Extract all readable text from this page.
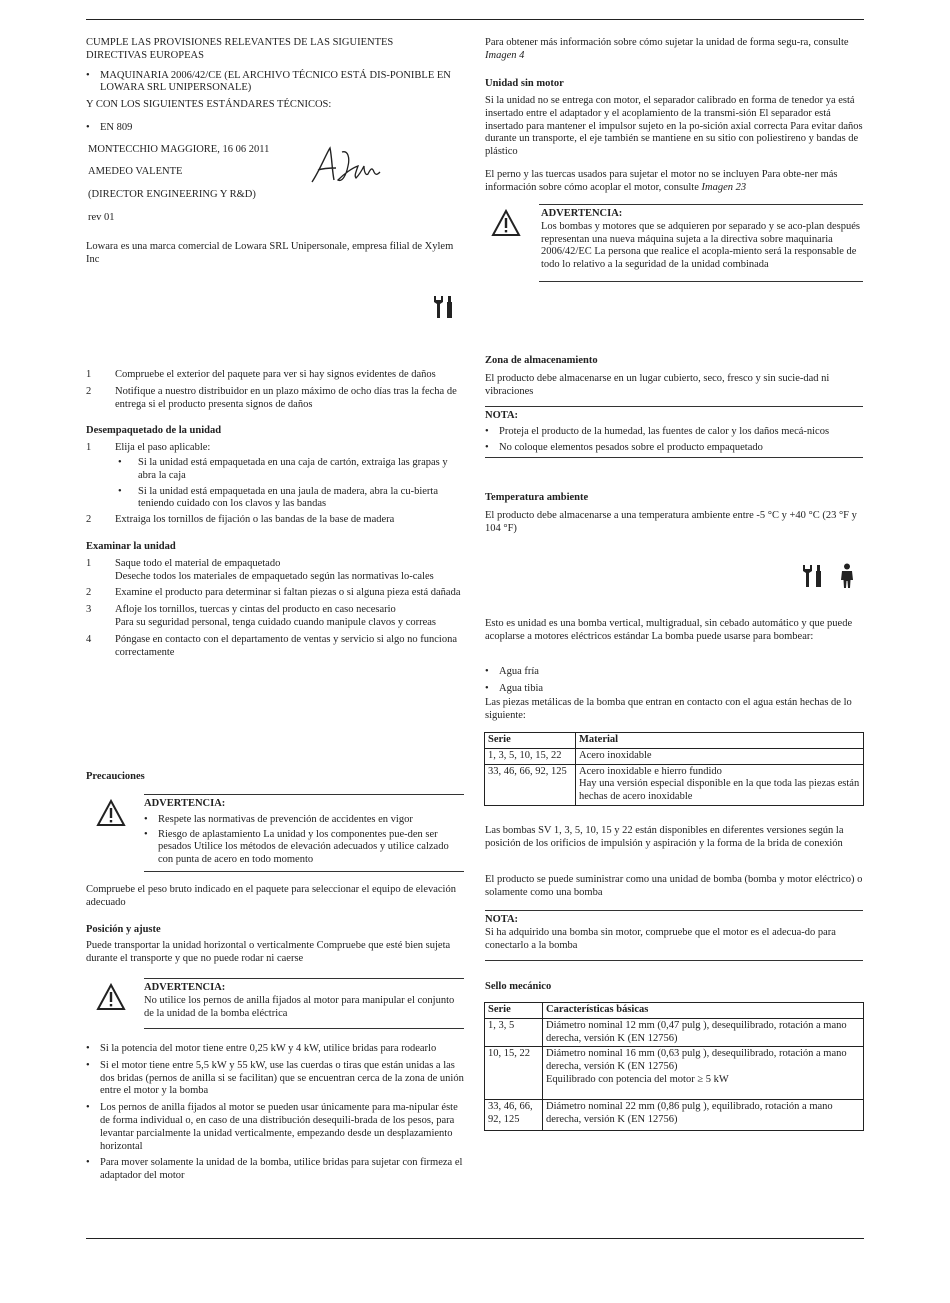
CUMPLE LAS PROVISIONES RELEVANTES DE LAS SIGUIENTES DIRECTIVAS EUROPEAS

• MAQUINARIA 2006/42/CE (EL ARCHIVO TÉCNICO ESTÁ DIS-PONIBLE EN LOWARA SRL UNIPERSONALE)

Y CON LOS SIGUIENTES ESTÁNDARES TÉCNICOS:

• EN 809

MONTECCHIO MAGGIORE, 16 06 2011

AMEDEO VALENTE

(DIRECTOR ENGINEERING Y R&D)

rev 01

Lowara es una marca comercial de Lowara SRL Unipersonale, empresa filial de Xylem Inc

1 Compruebe el exterior del paquete para ver si hay signos evidentes de daños
2 Notifique a nuestro distribuidor en un plazo máximo de ocho días tras la fecha de entrega si el producto presenta signos de daños

Desempaquetado de la unidad

1 Elija el paso aplicable:
• Si la unidad está empaquetada en una caja de cartón, extraiga las grapas y abra la caja
• Si la unidad está empaquetada en una jaula de madera, abra la cu-bierta teniendo cuidado con los clavos y las bandas
2 Extraiga los tornillos de fijación o las bandas de la base de madera

Examinar la unidad

1 Saque todo el material de empaquetado
Deseche todos los materiales de empaquetado según las normativas lo-cales
2 Examine el producto para determinar si faltan piezas o si alguna pieza está dañada
3 Afloje los tornillos, tuercas y cintas del producto en caso necesario
Para su seguridad personal, tenga cuidado cuando manipule clavos y correas
4 Póngase en contacto con el departamento de ventas y servicio si algo no funciona correctamente

Precauciones

ADVERTENCIA:

• Respete las normativas de prevención de accidentes en vigor

• Riesgo de aplastamiento La unidad y los componentes pue-den ser pesados Utilice los métodos de elevación adecuados y utilice calzado con punta de acero en todo momento

Compruebe el peso bruto indicado en el paquete para seleccionar el equipo de elevación adecuado

Posición y ajuste

Puede transportar la unidad horizontal o verticalmente Compruebe que esté bien sujeta durante el transporte y que no puede rodar ni caerse

ADVERTENCIA:

No utilice los pernos de anilla fijados al motor para manipular el conjunto de la unidad de la bomba eléctrica

• Si la potencia del motor tiene entre 0,25 kW y 4 kW, utilice bridas para rodearlo

• Si el motor tiene entre 5,5 kW y 55 kW, use las cuerdas o tiras que están unidas a las dos bridas (pernos de anilla si se facilitan) que se encuentran cerca de la zona de unión entre el motor y la bomba

• Los pernos de anilla fijados al motor se pueden usar únicamente para ma-nipular éste de forma individual o, en caso de una distribución desequili-brada de los pesos, para levantar parcialmente la unidad verticalmente, empezando desde un desplazamiento horizontal

• Para mover solamente la unidad de la bomba, utilice bridas para sujetar con firmeza el adaptador del motor

Para obtener más información sobre cómo sujetar la unidad de forma segu-ra, consulte Imagen 4

Unidad sin motor

Si la unidad no se entrega con motor, el separador calibrado en forma de tenedor ya está insertado entre el adaptador y el acoplamiento de la transmi-sión El separador está insertado para mantener el impulsor sujeto en la po-sición axial correcta Para evitar daños durante un transporte, el eje también se mantiene en su sitio con poliestireno y bandas de plástico

El perno y las tuercas usados para sujetar el motor no se incluyen Para obte-ner más información sobre cómo acoplar el motor, consulte Imagen 23

ADVERTENCIA:

Los bombas y motores que se adquieren por separado y se aco-plan después representan una nueva máquina sujeta a la directiva sobre maquinaria 2006/42/EC La persona que realice el acopla-miento será la responsable de todo lo relativo a la seguridad de la unidad combinada

Zona de almacenamiento

El producto debe almacenarse en un lugar cubierto, seco, fresco y sin sucie-dad ni vibraciones

NOTA:

• Proteja el producto de la humedad, las fuentes de calor y los daños mecá-nicos

• No coloque elementos pesados sobre el producto empaquetado

Temperatura ambiente

El producto debe almacenarse a una temperatura ambiente entre -5 °C y +40 °C (23 °F y 104 °F)

Esto es unidad es una bomba vertical, multigradual, sin cebado automático y que puede acoplarse a motores eléctricos estándar La bomba puede usarse para bombear:

• Agua fría

• Agua tibia

Las piezas metálicas de la bomba que entran en contacto con el agua están hechas de lo siguiente:

Serie	Material
1, 3, 5, 10, 15, 22	Acero inoxidable
33, 46, 66, 92, 125	Acero inoxidable e hierro fundido
Hay una versión especial disponible en la que toda las piezas están hechas de acero inoxidable

Las bombas SV 1, 3, 5, 10, 15 y 22 están disponibles en diferentes versiones según la posición de los orificios de impulsión y aspiración y la forma de la brida de conexión

El producto se puede suministrar como una unidad de bomba (bomba y motor eléctrico) o solamente como una bomba

NOTA:

Si ha adquirido una bomba sin motor, compruebe que el motor es el adecua-do para conectarlo a la bomba

Sello mecánico

Serie	Características básicas
1, 3, 5	Diámetro nominal 12 mm (0,47 pulg ), desequilibrado, rotación a mano derecha, versión K (EN 12756)
10, 15, 22	Diámetro nominal 16 mm (0,63 pulg ), desequilibrado, rotación a mano derecha, versión K (EN 12756)
Equilibrado con potencia del motor ≥ 5 kW
33, 46, 66, 92, 125	Diámetro nominal 22 mm (0,86 pulg ), equilibrado, rotación a mano derecha, versión K (EN 12756)
